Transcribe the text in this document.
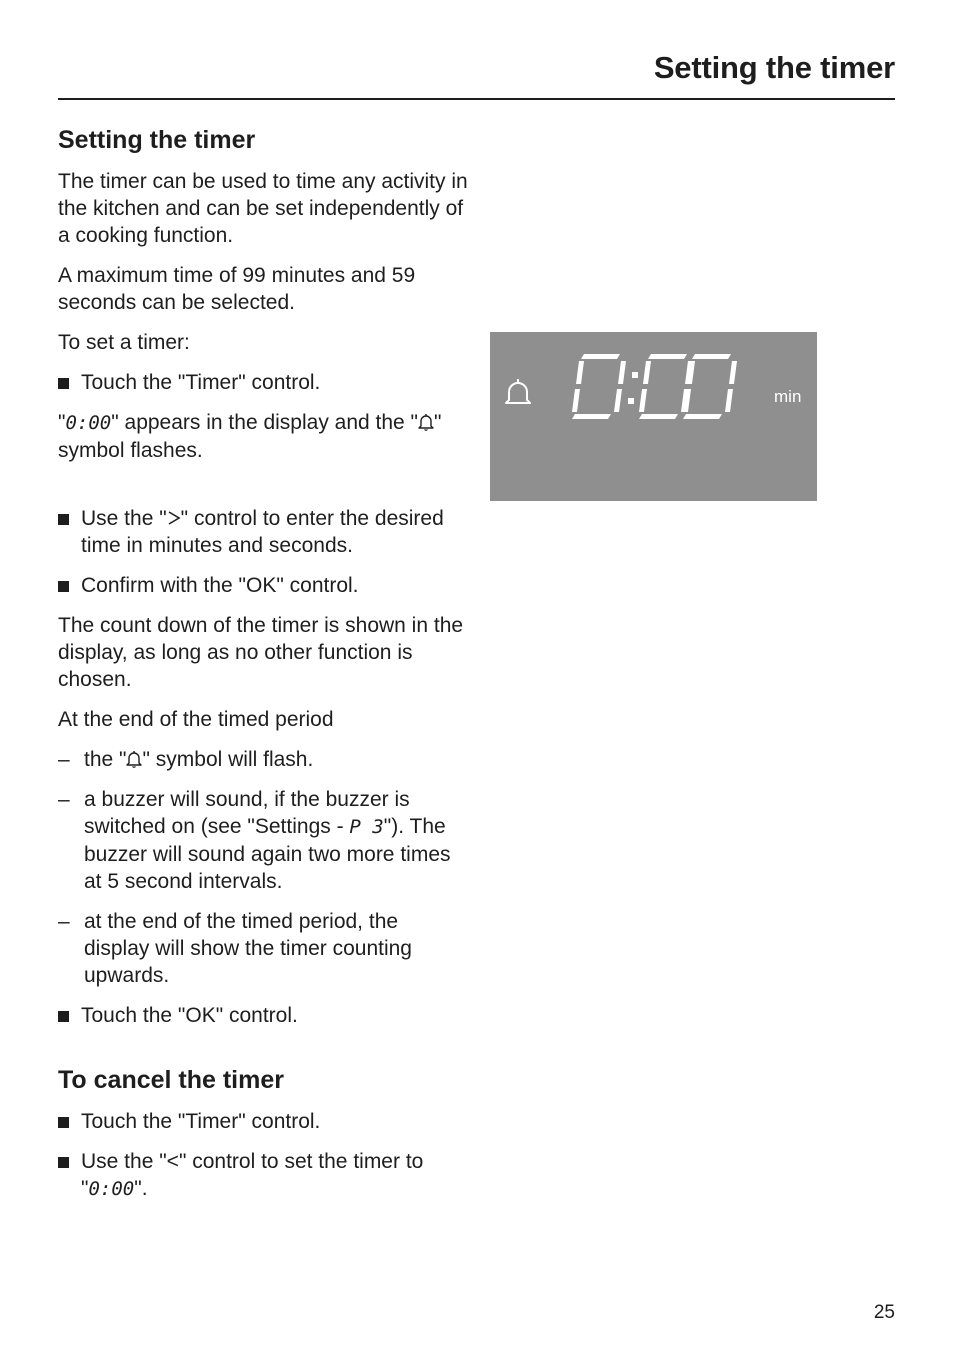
Setting the timer
Setting the timer

The timer can be used to time any activity in the kitchen and can be set independently of a cooking function.

A maximum time of 99 minutes and 59 seconds can be selected.

To set a timer:

Touch the "Timer" control.

"0:00" appears in the display and the " " symbol flashes.

Use the " " control to enter the desired time in minutes and seconds.
Confirm with the "OK" control.

The count down of the timer is shown in the display, as long as no other function is chosen.

At the end of the timed period

– the " " symbol will flash.
– a buzzer will sound, if the buzzer is switched on (see "Settings - P 3"). The buzzer will sound again two more times at 5 second intervals.
– at the end of the timed period, the display will show the timer counting upwards.
Touch the "OK" control.
To cancel the timer
Touch the "Timer" control.
Use the "<" control to set the timer to "0:00".
min
25
